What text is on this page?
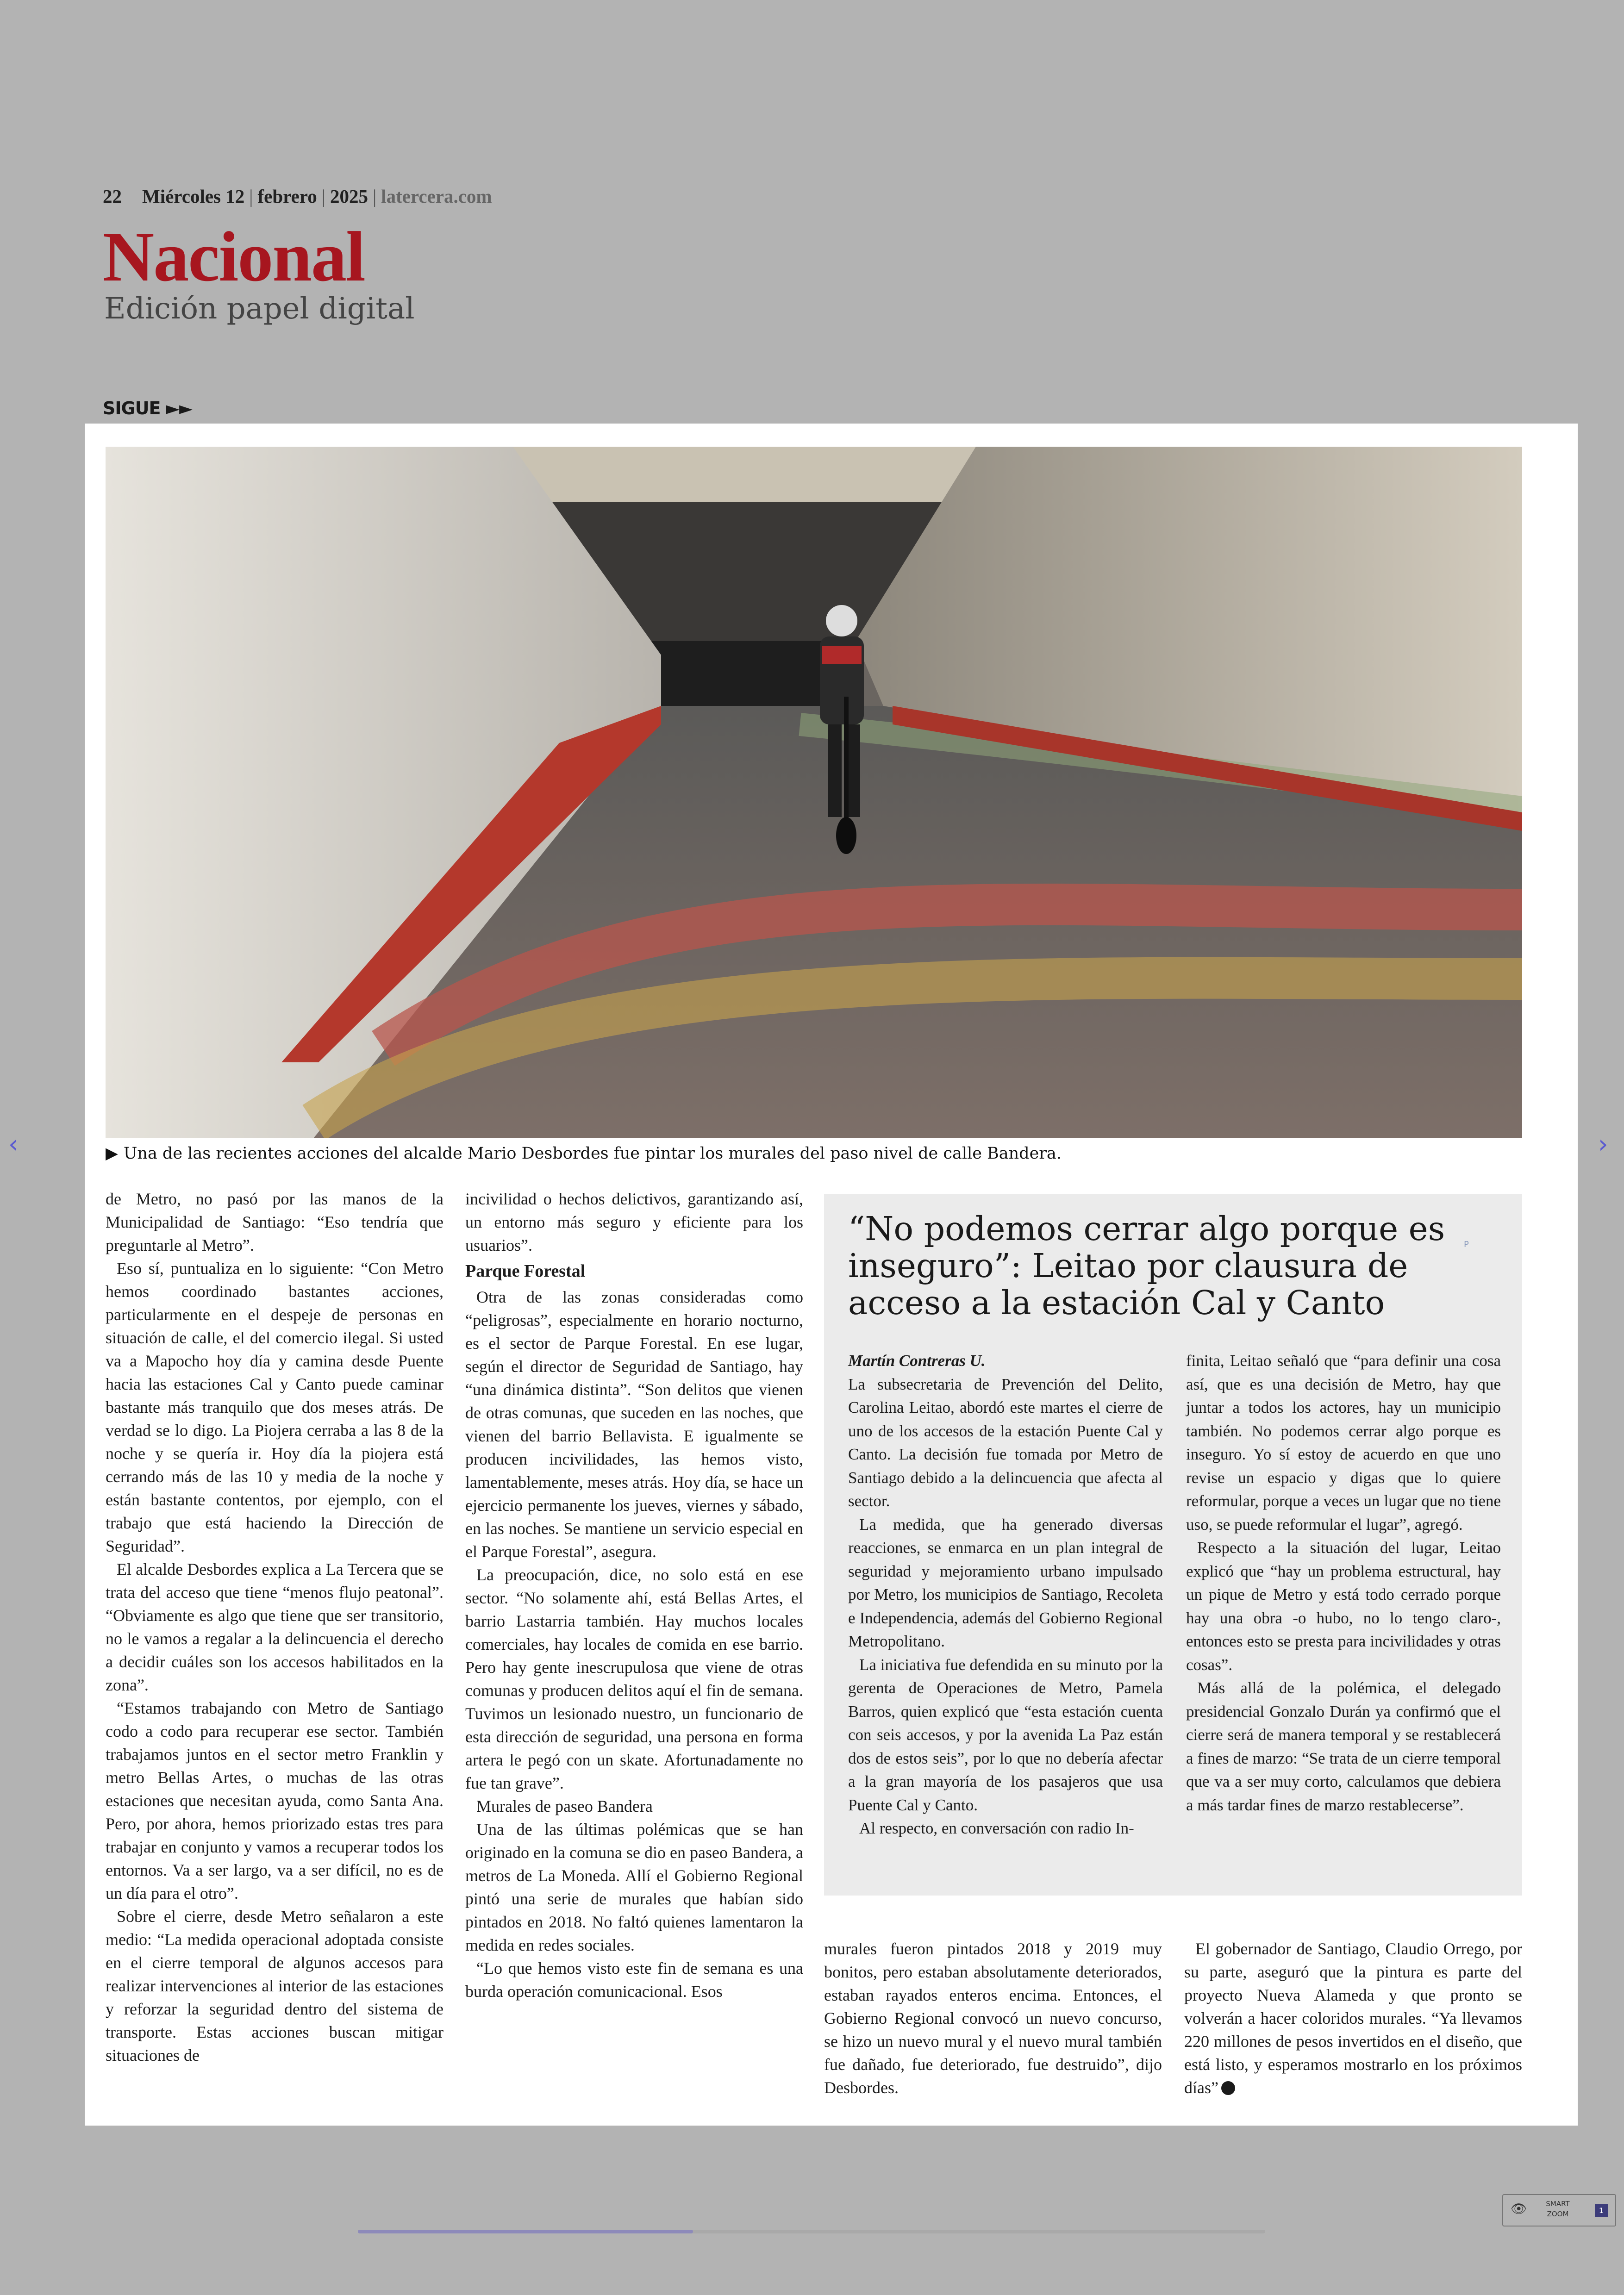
22 Miércoles 12 | febrero | 2025 | latercera.com
Nacional
Edición papel digital
SIGUE ►►
▶ Una de las recientes acciones del alcalde Mario Desbordes fue pintar los murales del paso nivel de calle Bandera.

de Metro, no pasó por las manos de la Municipalidad de Santiago: “Eso tendría que preguntarle al Metro”.

Eso sí, puntualiza en lo siguiente: “Con Metro hemos coordinado bastantes acciones, particularmente en el despeje de personas en situación de calle, el del comercio ilegal. Si usted va a Mapocho hoy día y camina desde Puente hacia las estaciones Cal y Canto puede caminar bastante más tranquilo que dos meses atrás. De verdad se lo digo. La Piojera cerraba a las 8 de la noche y se quería ir. Hoy día la piojera está cerrando más de las 10 y media de la noche y están bastante contentos, por ejemplo, con el trabajo que está haciendo la Dirección de Seguridad”.

El alcalde Desbordes explica a La Tercera que se trata del acceso que tiene “menos flujo peatonal”. “Obviamente es algo que tiene que ser transitorio, no le vamos a regalar a la delincuencia el derecho a decidir cuáles son los accesos habilitados en la zona”.

“Estamos trabajando con Metro de Santiago codo a codo para recuperar ese sector. También trabajamos juntos en el sector metro Franklin y metro Bellas Artes, o muchas de las otras estaciones que necesitan ayuda, como Santa Ana. Pero, por ahora, hemos priorizado estas tres para trabajar en conjunto y vamos a recuperar todos los entornos. Va a ser largo, va a ser difícil, no es de un día para el otro”.

Sobre el cierre, desde Metro señalaron a este medio: “La medida operacional adoptada consiste en el cierre temporal de algunos accesos para realizar intervenciones al interior de las estaciones y reforzar la seguridad dentro del sistema de transporte. Estas acciones buscan mitigar situaciones de

incivilidad o hechos delictivos, garantizando así, un entorno más seguro y eficiente para los usuarios”.

Parque Forestal

Otra de las zonas consideradas como “peligrosas”, especialmente en horario nocturno, es el sector de Parque Forestal. En ese lugar, según el director de Seguridad de Santiago, hay “una dinámica distinta”. “Son delitos que vienen de otras comunas, que suceden en las noches, que vienen del barrio Bellavista. E igualmente se producen incivilidades, las hemos visto, lamentablemente, meses atrás. Hoy día, se hace un ejercicio permanente los jueves, viernes y sábado, en las noches. Se mantiene un servicio especial en el Parque Forestal”, asegura.

La preocupación, dice, no solo está en ese sector. “No solamente ahí, está Bellas Artes, el barrio Lastarria también. Hay muchos locales comerciales, hay locales de comida en ese barrio. Pero hay gente inescrupulosa que viene de otras comunas y producen delitos aquí el fin de semana. Tuvimos un lesionado nuestro, un funcionario de esta dirección de seguridad, una persona en forma artera le pegó con un skate. Afortunadamente no fue tan grave”.

Murales de paseo Bandera

Una de las últimas polémicas que se han originado en la comuna se dio en paseo Bandera, a metros de La Moneda. Allí el Gobierno Regional pintó una serie de murales que habían sido pintados en 2018. No faltó quienes lamentaron la medida en redes sociales.

“Lo que hemos visto este fin de semana es una burda operación comunicacional. Esos

“No podemos cerrar algo porque es inseguro”: Leitao por clausura de acceso a la estación Cal y Canto
P

Martín Contreras U.

La subsecretaria de Prevención del Delito, Carolina Leitao, abordó este martes el cierre de uno de los accesos de la estación Puente Cal y Canto. La decisión fue tomada por Metro de Santiago debido a la delincuencia que afecta al sector.

La medida, que ha generado diversas reacciones, se enmarca en un plan integral de seguridad y mejoramiento urbano impulsado por Metro, los municipios de Santiago, Recoleta e Independencia, además del Gobierno Regional Metropolitano.

La iniciativa fue defendida en su minuto por la gerenta de Operaciones de Metro, Pamela Barros, quien explicó que “esta estación cuenta con seis accesos, y por la avenida La Paz están dos de estos seis”, por lo que no debería afectar a la gran mayoría de los pasajeros que usa Puente Cal y Canto.

Al respecto, en conversación con radio In-

finita, Leitao señaló que “para definir una cosa así, que es una decisión de Metro, hay que juntar a todos los actores, hay un municipio también. No podemos cerrar algo porque es inseguro. Yo sí estoy de acuerdo en que uno revise un espacio y digas que lo quiere reformular, porque a veces un lugar que no tiene uso, se puede reformular el lugar”, agregó.

Respecto a la situación del lugar, Leitao explicó que “hay un problema estructural, hay un pique de Metro y está todo cerrado porque hay una obra -o hubo, no lo tengo claro-, entonces esto se presta para incivilidades y otras cosas”.

Más allá de la polémica, el delegado presidencial Gonzalo Durán ya confirmó que el cierre será de manera temporal y se restablecerá a fines de marzo: “Se trata de un cierre temporal que va a ser muy corto, calculamos que debiera a más tardar fines de marzo restablecerse”.

murales fueron pintados 2018 y 2019 muy bonitos, pero estaban absolutamente deteriorados, estaban rayados enteros encima. Entonces, el Gobierno Regional convocó un nuevo concurso, se hizo un nuevo mural y el nuevo mural también fue dañado, fue deteriorado, fue destruido”, dijo Desbordes.

El gobernador de Santiago, Claudio Orrego, por su parte, aseguró que la pintura es parte del proyecto Nueva Alameda y que pronto se volverán a hacer coloridos murales. “Ya llevamos 220 millones de pesos invertidos en el diseño, que está listo, y esperamos mostrarlo en los próximos días”

‹	›
👁	SMART
ZOOM	1
